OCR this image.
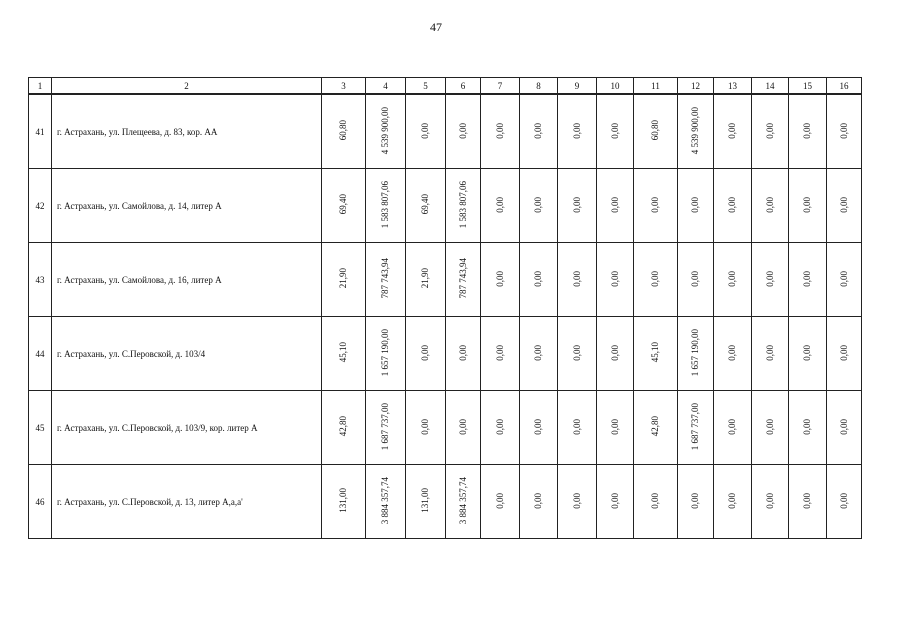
47
1	2	3	4	5	6	7	8	9	10	11	12	13	14	15	16
41	г. Астрахань, ул. Плещеева, д. 83, кор. АА	60,80	4 539 900,00	0,00	0,00	0,00	0,00	0,00	0,00	60,80	4 539 900,00	0,00	0,00	0,00	0,00
42	г. Астрахань, ул. Самойлова, д. 14, литер А	69,40	1 583 807,06	69,40	1 583 807,06	0,00	0,00	0,00	0,00	0,00	0,00	0,00	0,00	0,00	0,00
43	г. Астрахань, ул. Самойлова, д. 16, литер А	21,90	787 743,94	21,90	787 743,94	0,00	0,00	0,00	0,00	0,00	0,00	0,00	0,00	0,00	0,00
44	г. Астрахань, ул. С.Перовской, д. 103/4	45,10	1 657 190,00	0,00	0,00	0,00	0,00	0,00	0,00	45,10	1 657 190,00	0,00	0,00	0,00	0,00
45	г. Астрахань, ул. С.Перовской, д. 103/9, кор. литер А	42,80	1 687 737,00	0,00	0,00	0,00	0,00	0,00	0,00	42,80	1 687 737,00	0,00	0,00	0,00	0,00
46	г. Астрахань, ул. С.Перовской, д. 13, литер А,а,а'	131,00	3 884 357,74	131,00	3 884 357,74	0,00	0,00	0,00	0,00	0,00	0,00	0,00	0,00	0,00	0,00
